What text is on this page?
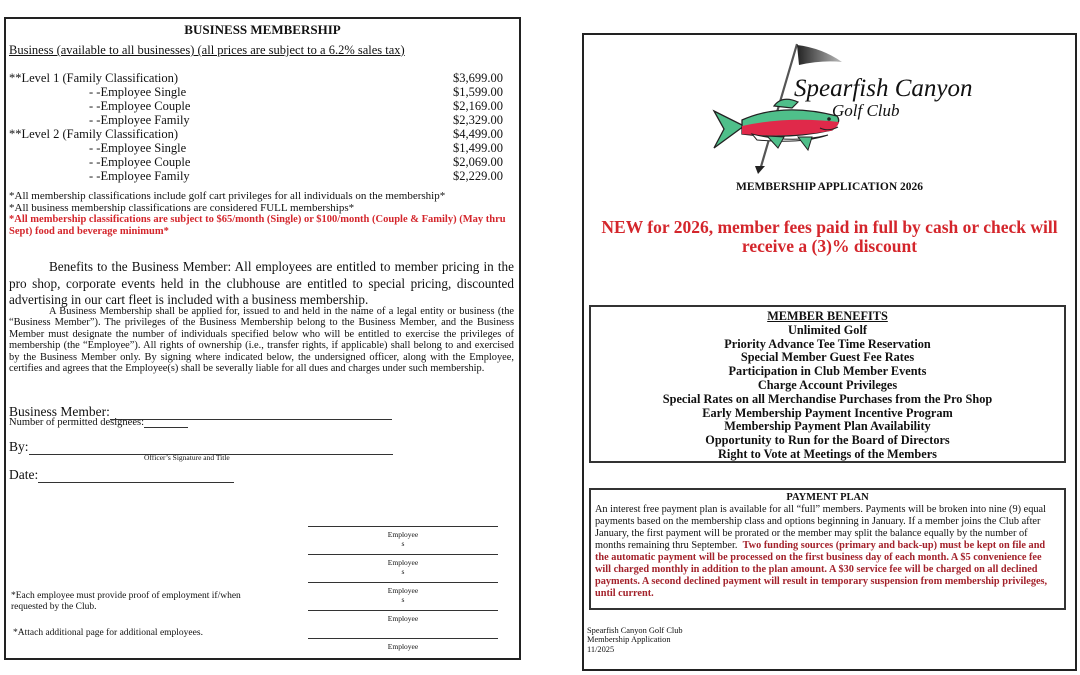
BUSINESS MEMBERSHIP
Business (available to all businesses) (all prices are subject to a 6.2% sales tax)
**Level 1 (Family Classification)	$3,699.00
- -Employee Single	$1,599.00
- -Employee Couple	$2,169.00
- -Employee Family	$2,329.00
**Level 2 (Family Classification)	$4,499.00
- -Employee Single	$1,499.00
- -Employee Couple	$2,069.00
- -Employee Family	$2,229.00
*All membership classifications include golf cart privileges for all individuals on the membership*
*All business membership classifications are considered FULL memberships*
*All membership classifications are subject to $65/month (Single) or $100/month (Couple & Family) (May thru Sept) food and beverage minimum*
Benefits to the Business Member: All employees are entitled to member pricing in the pro shop, corporate events held in the clubhouse are entitled to special pricing, discounted advertising in our cart fleet is included with a business membership.
A Business Membership shall be applied for, issued to and held in the name of a legal entity or business (the “Business Member”). The privileges of the Business Membership belong to the Business Member, and the Business Member must designate the number of individuals specified below who will be entitled to exercise the privileges of membership (the “Employee”). All rights of ownership (i.e., transfer rights, if applicable) shall belong to and exercised by the Business Member only. By signing where indicated below, the undersigned officer, along with the Employee, certifies and agrees that the Employee(s) shall be severally liable for all dues and charges under such membership.
Business Member:
Number of permitted designees:
By:
Officer’s Signature and Title
Date:
Employee
s
Employee
s
Employee
s
Employee
Employee
*Each employee must provide proof of employment if/when requested by the Club.
*Attach additional page for additional employees.
Spearfish Canyon
Golf Club
MEMBERSHIP APPLICATION 2026
NEW for 2026, member fees paid in full by cash or check will receive a (3)% discount
MEMBER BENEFITS
Unlimited Golf
Priority Advance Tee Time Reservation
Special Member Guest Fee Rates
Participation in Club Member Events
Charge Account Privileges
Special Rates on all Merchandise Purchases from the Pro Shop
Early Membership Payment Incentive Program
Membership Payment Plan Availability
Opportunity to Run for the Board of Directors
Right to Vote at Meetings of the Members
PAYMENT PLAN
An interest free payment plan is available for all “full” members. Payments will be broken into nine (9) equal payments based on the membership class and options beginning in January. If a member joins the Club after January, the first payment will be prorated or the member may split the balance equally by the number of months remaining thru September. Two funding sources (primary and back-up) must be kept on file and the automatic payment will be processed on the first business day of each month. A $5 convenience fee will charged monthly in addition to the plan amount. A $30 service fee will be charged on all declined payments. A second declined payment will result in temporary suspension from membership privileges, until current.
Spearfish Canyon Golf Club
Membership Application
11/2025
